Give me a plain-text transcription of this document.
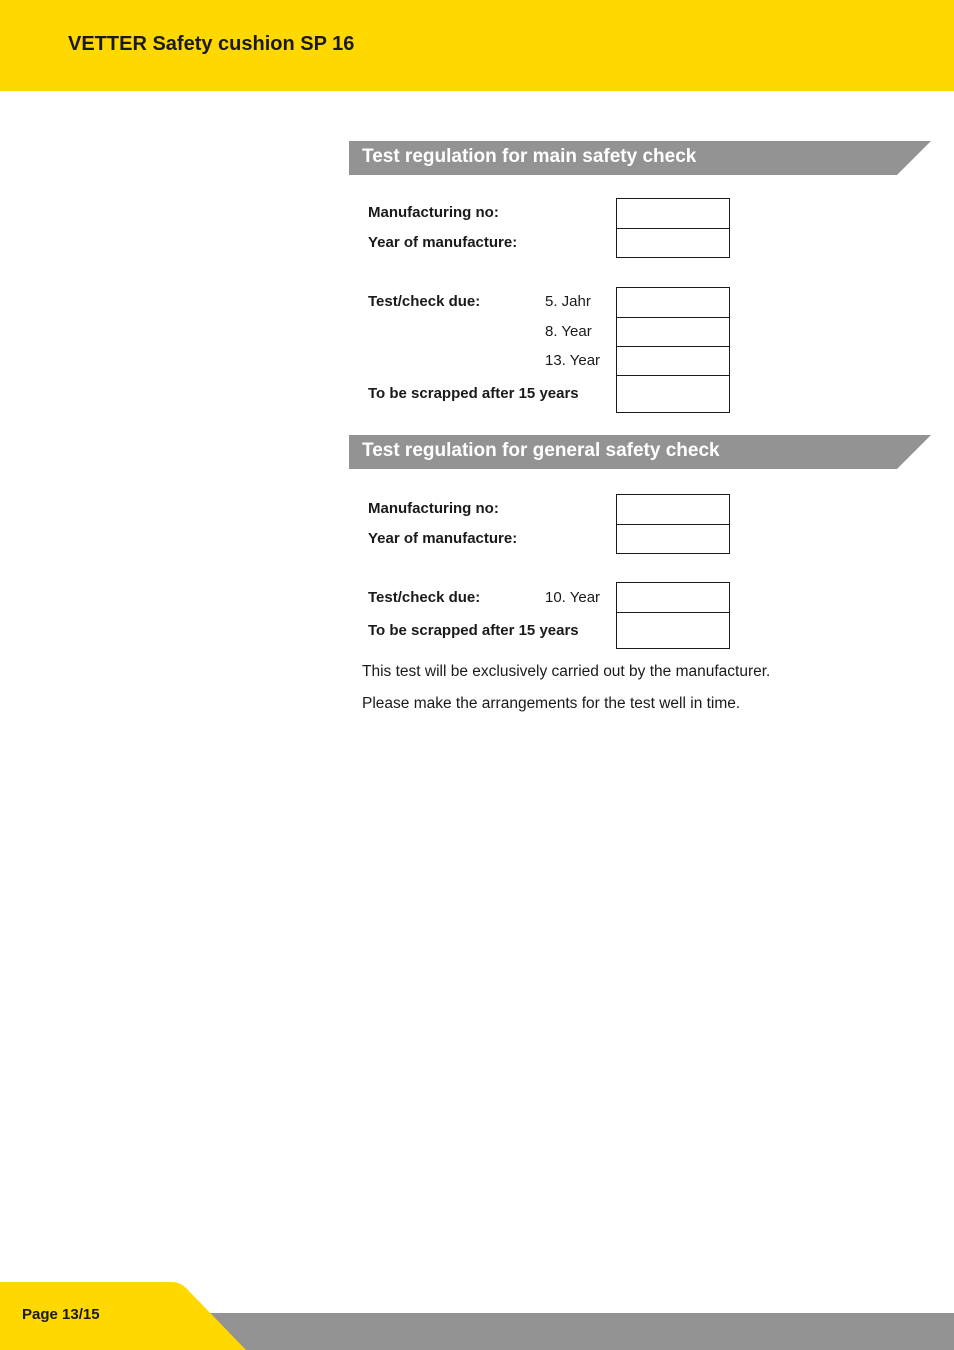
VETTER Safety cushion SP 16
Test regulation for main safety check
Manufacturing no:
Year of manufacture:
Test/check due:	5. Jahr
8. Year
13. Year
To be scrapped after 15 years
Test regulation for general safety check
Manufacturing no:
Year of manufacture:
Test/check due:	10. Year
To be scrapped after 15 years
This test will be exclusively carried out by the manufacturer.
Please make the arrangements for the test well in time.
Page 13/15
